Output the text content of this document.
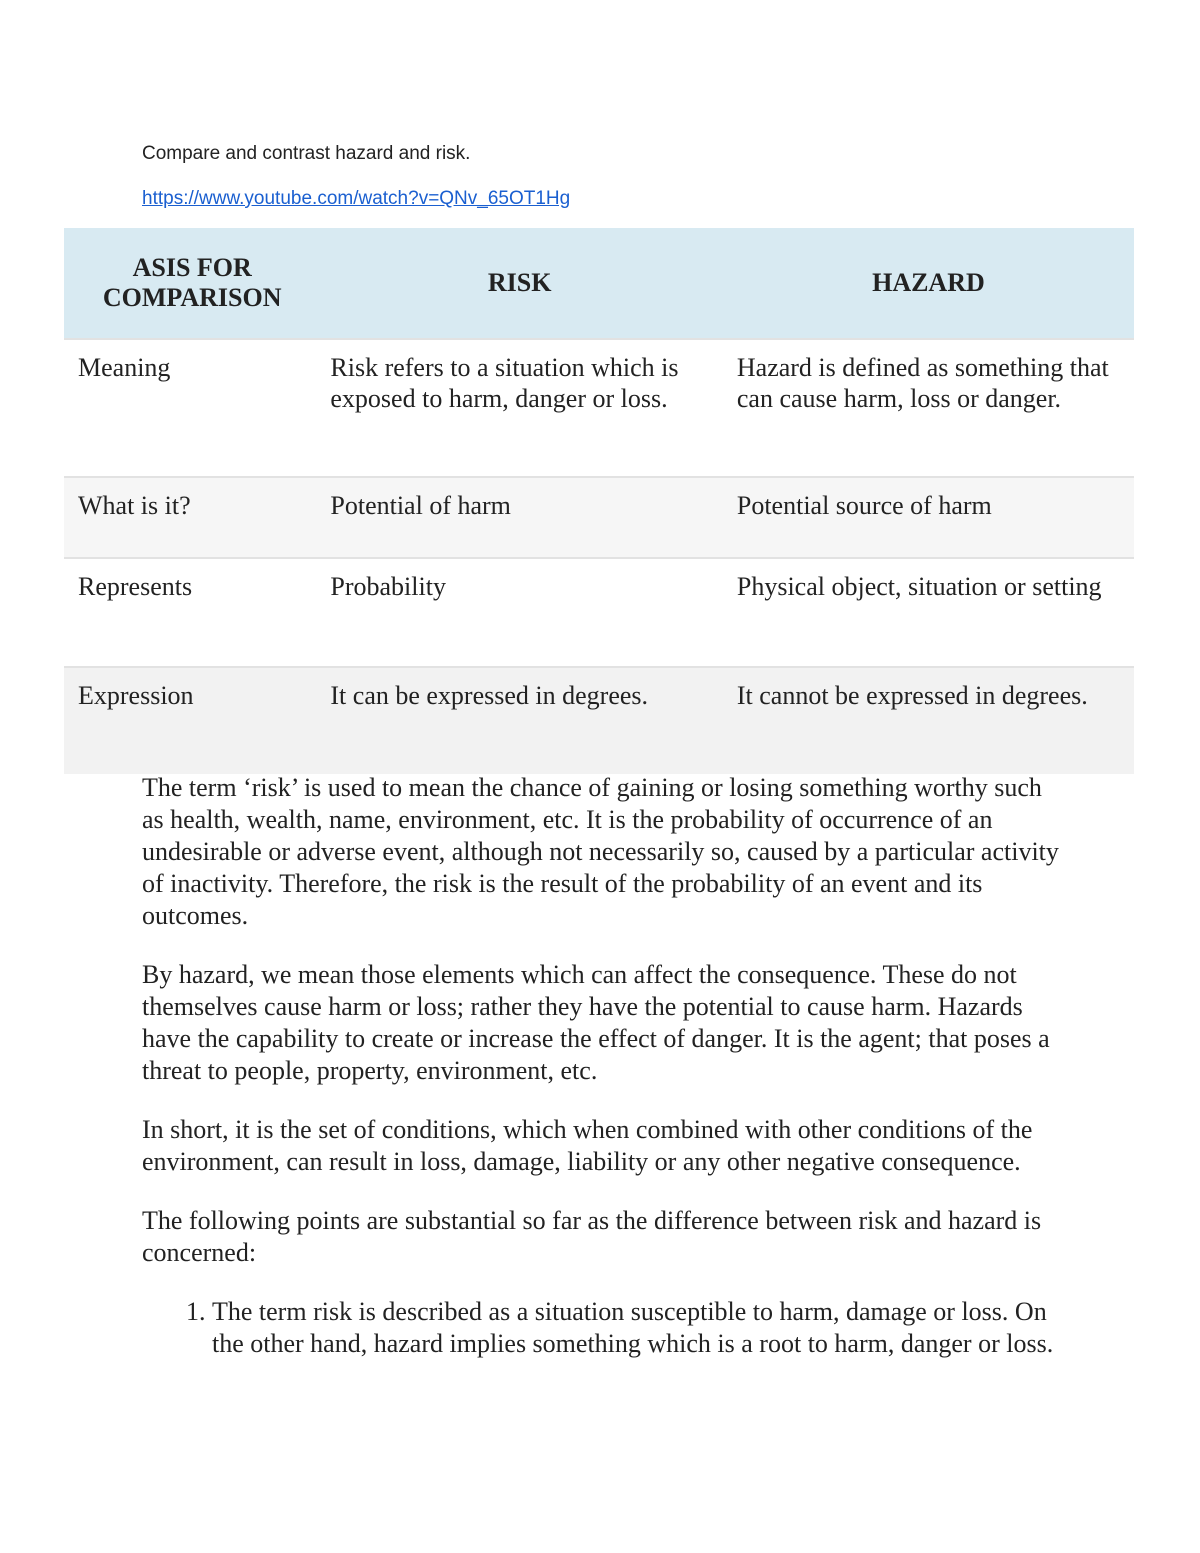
Compare and contrast hazard and risk.
https://www.youtube.com/watch?v=QNv_65OT1Hg
ASIS FOR COMPARISON	RISK	HAZARD
Meaning	Risk refers to a situation which is exposed to harm, danger or loss.	Hazard is defined as something that can cause harm, loss or danger.
What is it?	Potential of harm	Potential source of harm
Represents	Probability	Physical object, situation or setting
Expression	It can be expressed in degrees.	It cannot be expressed in degrees.

The term ‘risk’ is used to mean the chance of gaining or losing something worthy such as health, wealth, name, environment, etc. It is the probability of occurrence of an undesirable or adverse event, although not necessarily so, caused by a particular activity of inactivity. Therefore, the risk is the result of the probability of an event and its outcomes.

By hazard, we mean those elements which can affect the consequence. These do not themselves cause harm or loss; rather they have the potential to cause harm. Hazards have the capability to create or increase the effect of danger. It is the agent; that poses a threat to people, property, environment, etc.

In short, it is the set of conditions, which when combined with other conditions of the environment, can result in loss, damage, liability or any other negative consequence.

The following points are substantial so far as the difference between risk and hazard is concerned:

1. The term risk is described as a situation susceptible to harm, damage or loss. On the other hand, hazard implies something which is a root to harm, danger or loss.
